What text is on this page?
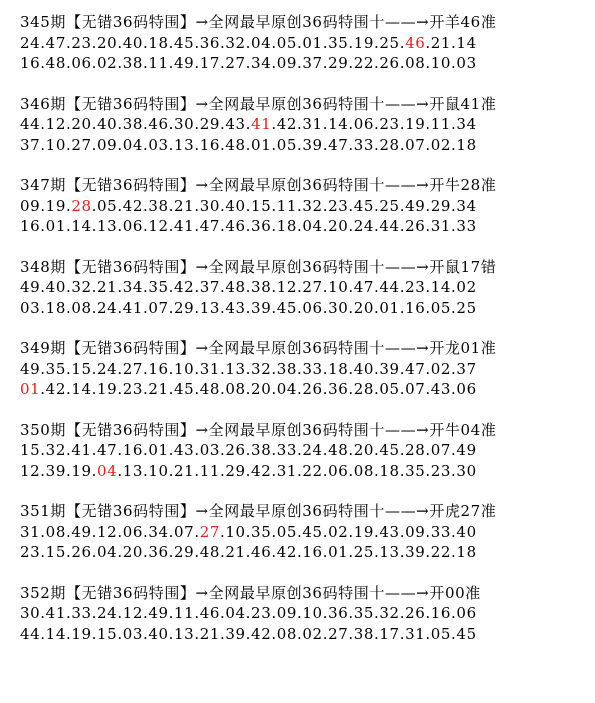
345期【无错36码特围】→全网最早原创36码特围十——→开羊46准
24.47.23.20.40.18.45.36.32.04.05.01.35.19.25.46.21.14
16.48.06.02.38.11.49.17.27.34.09.37.29.22.26.08.10.03
346期【无错36码特围】→全网最早原创36码特围十——→开鼠41准
44.12.20.40.38.46.30.29.43.41.42.31.14.06.23.19.11.34
37.10.27.09.04.03.13.16.48.01.05.39.47.33.28.07.02.18
347期【无错36码特围】→全网最早原创36码特围十——→开牛28准
09.19.28.05.42.38.21.30.40.15.11.32.23.45.25.49.29.34
16.01.14.13.06.12.41.47.46.36.18.04.20.24.44.26.31.33
348期【无错36码特围】→全网最早原创36码特围十——→开鼠17错
49.40.32.21.34.35.42.37.48.38.12.27.10.47.44.23.14.02
03.18.08.24.41.07.29.13.43.39.45.06.30.20.01.16.05.25
349期【无错36码特围】→全网最早原创36码特围十——→开龙01准
49.35.15.24.27.16.10.31.13.32.38.33.18.40.39.47.02.37
01.42.14.19.23.21.45.48.08.20.04.26.36.28.05.07.43.06
350期【无错36码特围】→全网最早原创36码特围十——→开牛04准
15.32.41.47.16.01.43.03.26.38.33.24.48.20.45.28.07.49
12.39.19.04.13.10.21.11.29.42.31.22.06.08.18.35.23.30
351期【无错36码特围】→全网最早原创36码特围十——→开虎27准
31.08.49.12.06.34.07.27.10.35.05.45.02.19.43.09.33.40
23.15.26.04.20.36.29.48.21.46.42.16.01.25.13.39.22.18
352期【无错36码特围】→全网最早原创36码特围十——→开00准
30.41.33.24.12.49.11.46.04.23.09.10.36.35.32.26.16.06
44.14.19.15.03.40.13.21.39.42.08.02.27.38.17.31.05.45
